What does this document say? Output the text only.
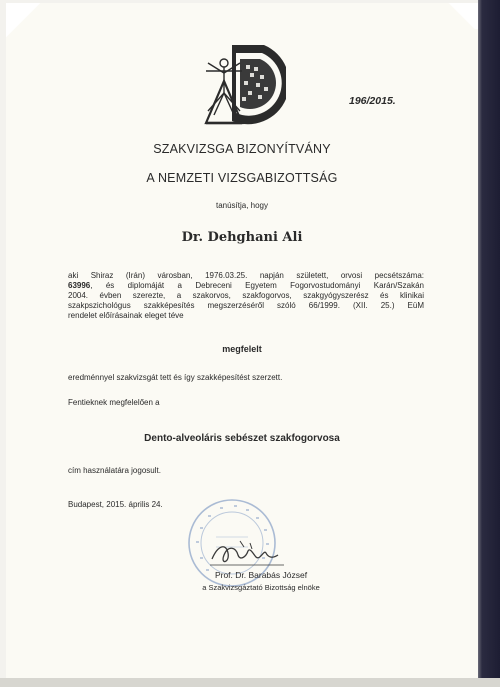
196/2015.
SZAKVIZSGA BIZONYÍTVÁNY
A NEMZETI VIZSGABIZOTTSÁG
tanúsítja, hogy
Dr. Dehghani Ali
aki Shiraz (Irán) városban, 1976.03.25. napján született, orvosi pecsétszáma:
63996, és diplomáját a Debreceni Egyetem Fogorvostudományi Karán/Szakán
2004. évben szerezte, a szakorvos, szakfogorvos, szakgyógyszerész és klinikai
szakpszichológus szakképesítés megszerzéséről szóló 66/1999. (XII. 25.) EüM
rendelet előírásainak eleget téve
megfelelt
eredménnyel szakvizsgát tett és így szakképesítést szerzett.
Fentieknek megfelelően a
Dento-alveoláris sebészet szakfogorvosa
cím használatára jogosult.
Budapest, 2015. április 24.
Prof. Dr. Barabás József
a Szakvizsgáztató Bizottság elnöke
